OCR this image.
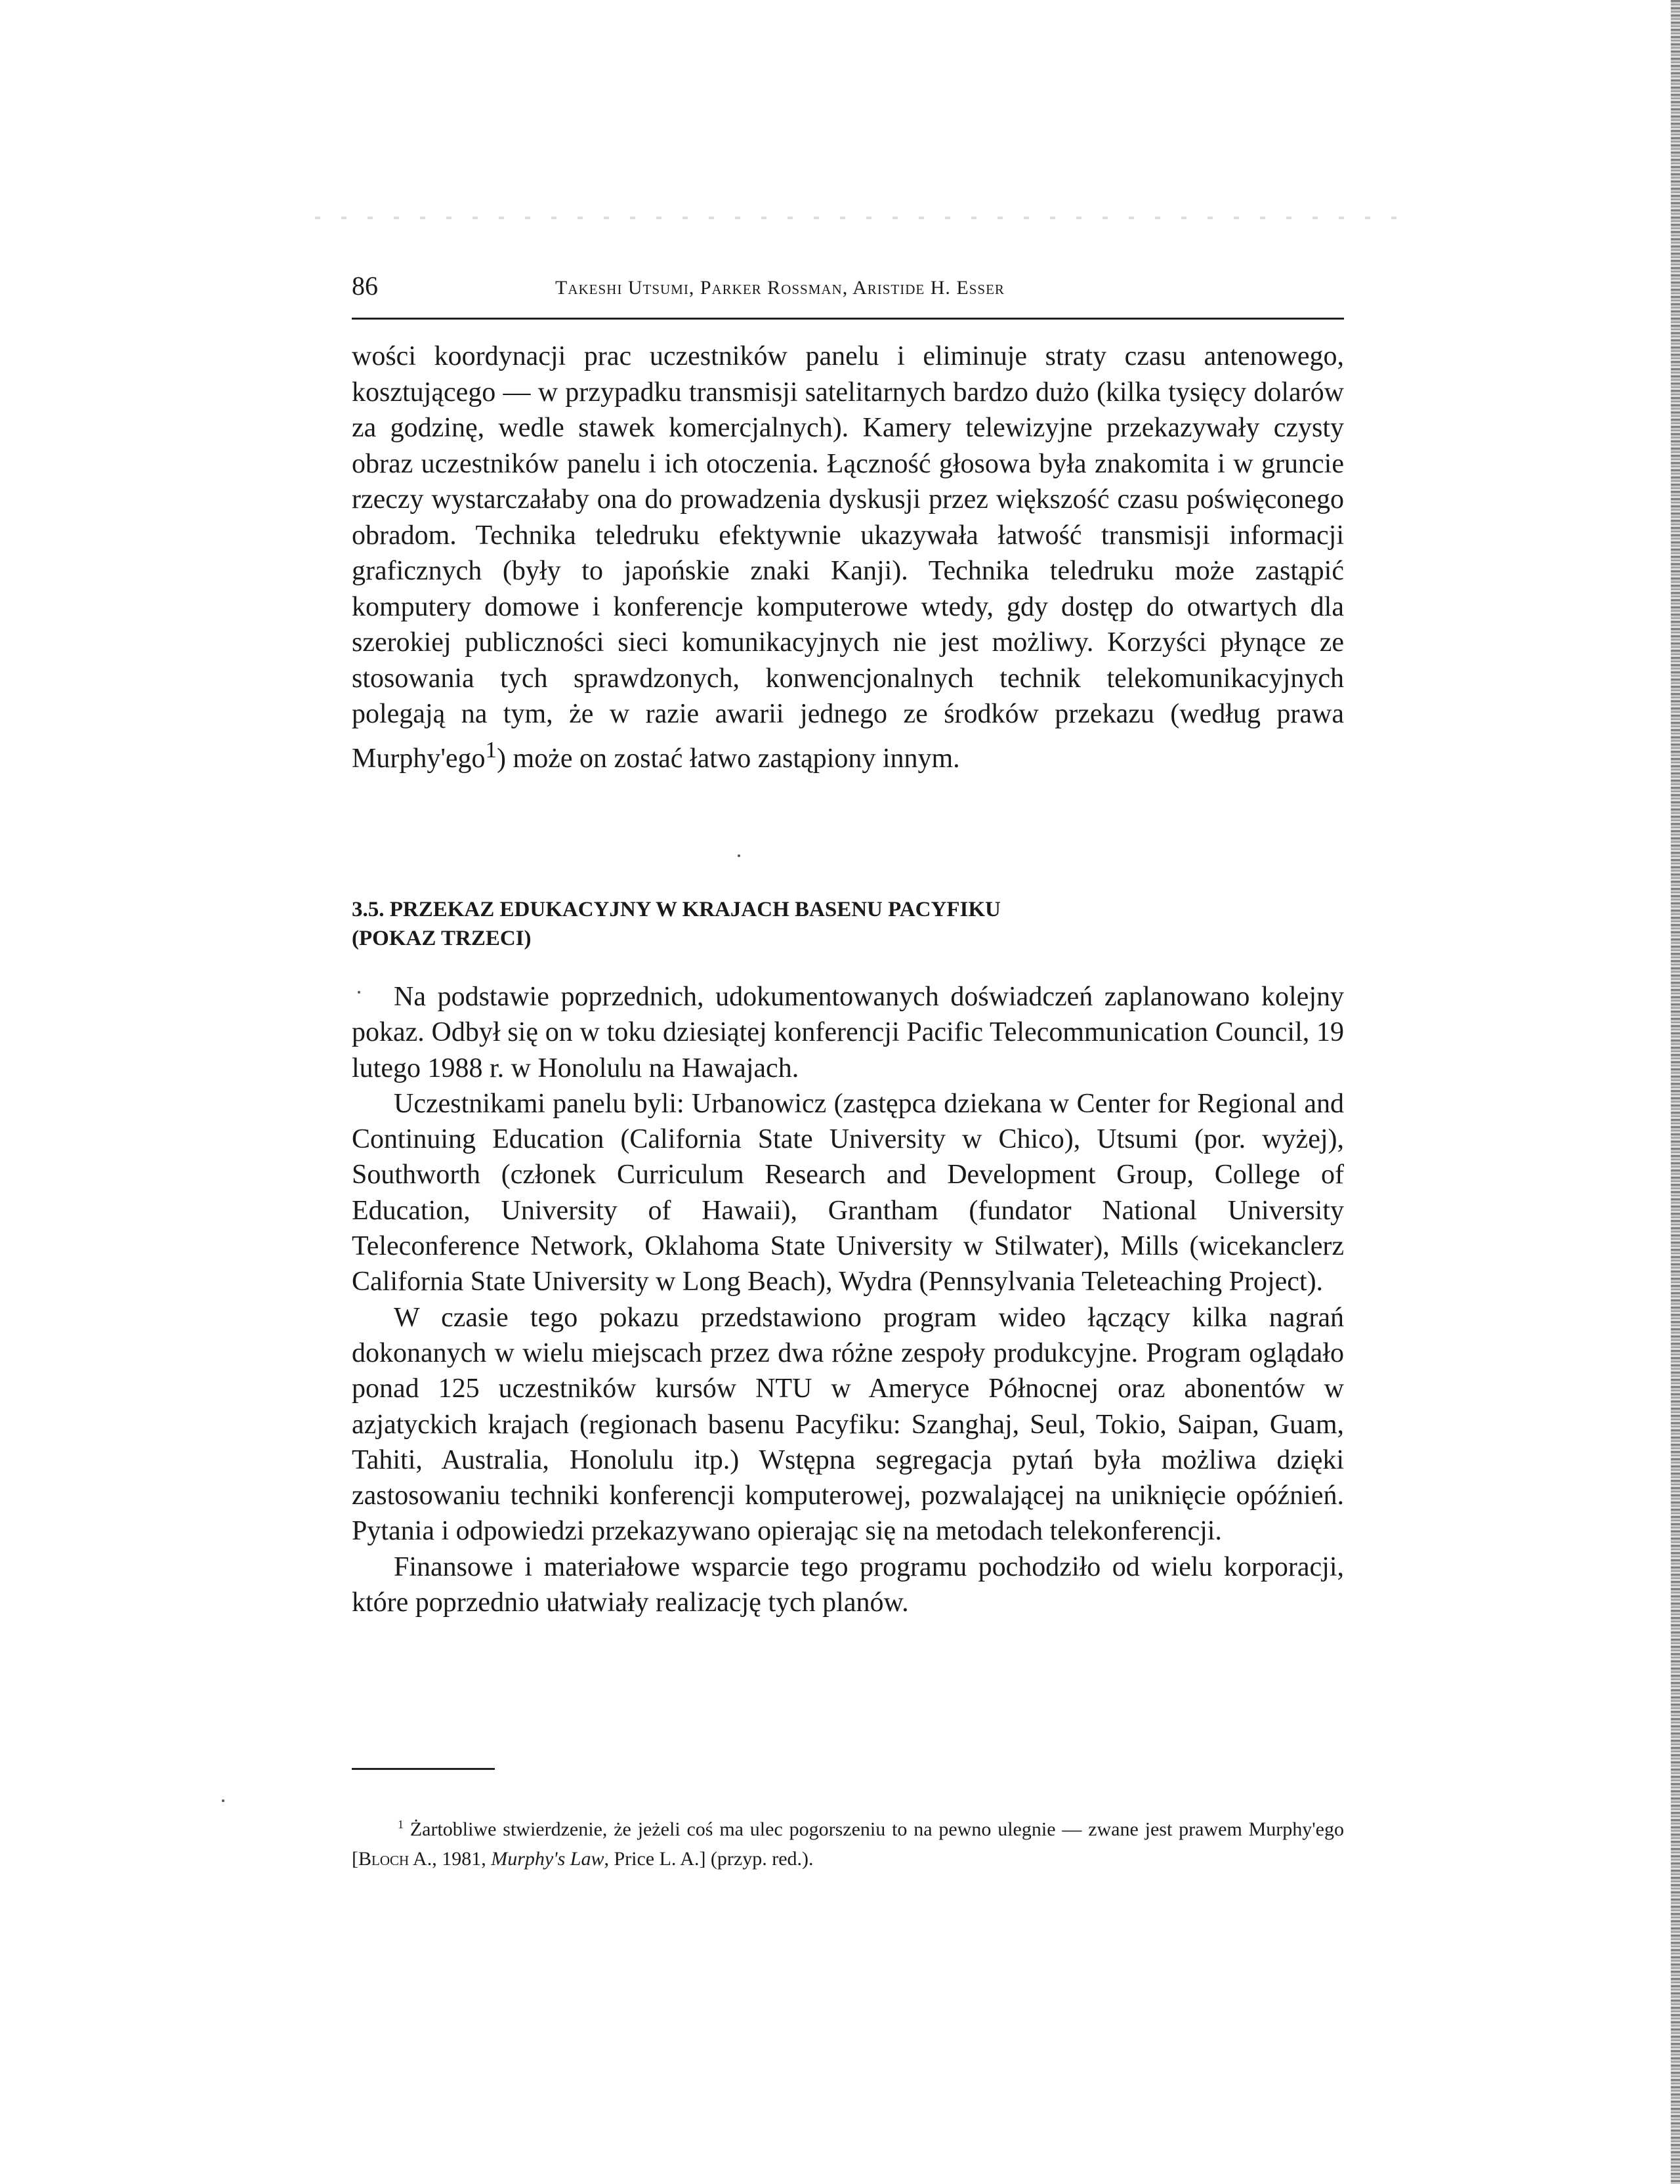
86	Takeshi Utsumi, Parker Rossman, Aristide H. Esser

wości koordynacji prac uczestników panelu i eliminuje straty czasu antenowego, kosztującego — w przypadku transmisji satelitarnych bardzo dużo (kilka tysięcy dolarów za godzinę, wedle stawek komercjalnych). Kamery telewizyjne przekazywały czysty obraz uczestników panelu i ich otoczenia. Łączność głosowa była znakomita i w gruncie rzeczy wystarczałaby ona do prowadzenia dyskusji przez większość czasu poświęconego obradom. Technika teledruku efektywnie ukazywała łatwość transmisji informacji graficznych (były to japońskie znaki Kanji). Technika teledruku może zastąpić komputery domowe i konferencje komputerowe wtedy, gdy dostęp do otwartych dla szerokiej publiczności sieci komunikacyjnych nie jest możliwy. Korzyści płynące ze stosowania tych sprawdzonych, konwencjonalnych technik telekomunikacyjnych polegają na tym, że w razie awarii jednego ze środków przekazu (według prawa Murphy'ego$^1$) może on zostać łatwo zastąpiony innym.

3.5. PRZEKAZ EDUKACYJNY W KRAJACH BASENU PACYFIKU
(POKAZ TRZECI)

Na podstawie poprzednich, udokumentowanych doświadczeń zaplanowano kolejny pokaz. Odbył się on w toku dziesiątej konferencji Pacific Telecommunication Council, 19 lutego 1988 r. w Honolulu na Hawajach.

Uczestnikami panelu byli: Urbanowicz (zastępca dziekana w Center for Regional and Continuing Education (California State University w Chico), Utsumi (por. wyżej), Southworth (członek Curriculum Research and Development Group, College of Education, University of Hawaii), Grantham (fundator National University Teleconference Network, Oklahoma State University w Stilwater), Mills (wicekanclerz California State University w Long Beach), Wydra (Pennsylvania Teleteaching Project).

W czasie tego pokazu przedstawiono program wideo łączący kilka nagrań dokonanych w wielu miejscach przez dwa różne zespoły produkcyjne. Program oglądało ponad 125 uczestników kursów NTU w Ameryce Północnej oraz abonentów w azjatyckich krajach (regionach basenu Pacyfiku: Szanghaj, Seul, Tokio, Saipan, Guam, Tahiti, Australia, Honolulu itp.) Wstępna segregacja pytań była możliwa dzięki zastosowaniu techniki konferencji komputerowej, pozwalającej na uniknięcie opóźnień. Pytania i odpowiedzi przekazywano opierając się na metodach telekonferencji.

Finansowe i materiałowe wsparcie tego programu pochodziło od wielu korporacji, które poprzednio ułatwiały realizację tych planów.

$^1$ Żartobliwe stwierdzenie, że jeżeli coś ma ulec pogorszeniu to na pewno ulegnie — zwane jest prawem Murphy'ego [Bloch A., 1981, Murphy's Law, Price L. A.] (przyp. red.).
